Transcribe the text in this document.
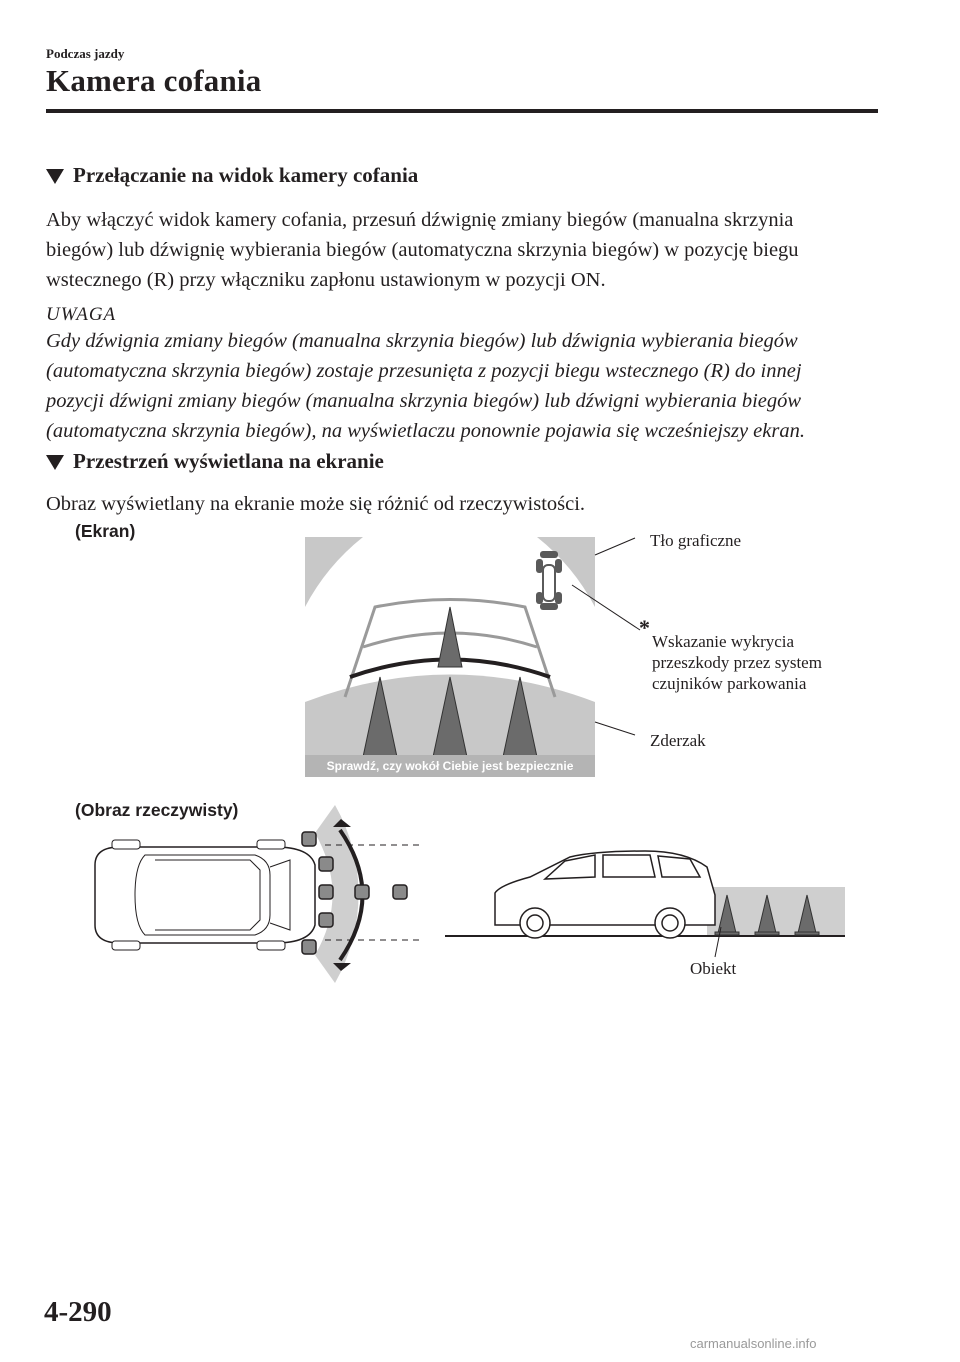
Podczas jazdy
Kamera cofania
Przełączanie na widok kamery cofania
Aby włączyć widok kamery cofania, przesuń dźwignię zmiany biegów (manualna skrzynia
biegów) lub dźwignię wybierania biegów (automatyczna skrzynia biegów) w pozycję biegu
wstecznego (R) przy włączniku zapłonu ustawionym w pozycji ON.
UWAGA
Gdy dźwignia zmiany biegów (manualna skrzynia biegów) lub dźwignia wybierania biegów
(automatyczna skrzynia biegów) zostaje przesunięta z pozycji biegu wstecznego (R) do innej
pozycji dźwigni zmiany biegów (manualna skrzynia biegów) lub dźwigni wybierania biegów
(automatyczna skrzynia biegów), na wyświetlaczu ponownie pojawia się wcześniejszy ekran.
Przestrzeń wyświetlana na ekranie
Obraz wyświetlany na ekranie może się różnić od rzeczywistości.
(Ekran)
Sprawdź, czy wokół Ciebie jest bezpiecznie
Tło graficzne
*
Wskazanie wykrycia
przeszkody przez system
czujników parkowania
Zderzak
(Obraz rzeczywisty)
Obiekt
4-290
carmanualsonline.info
